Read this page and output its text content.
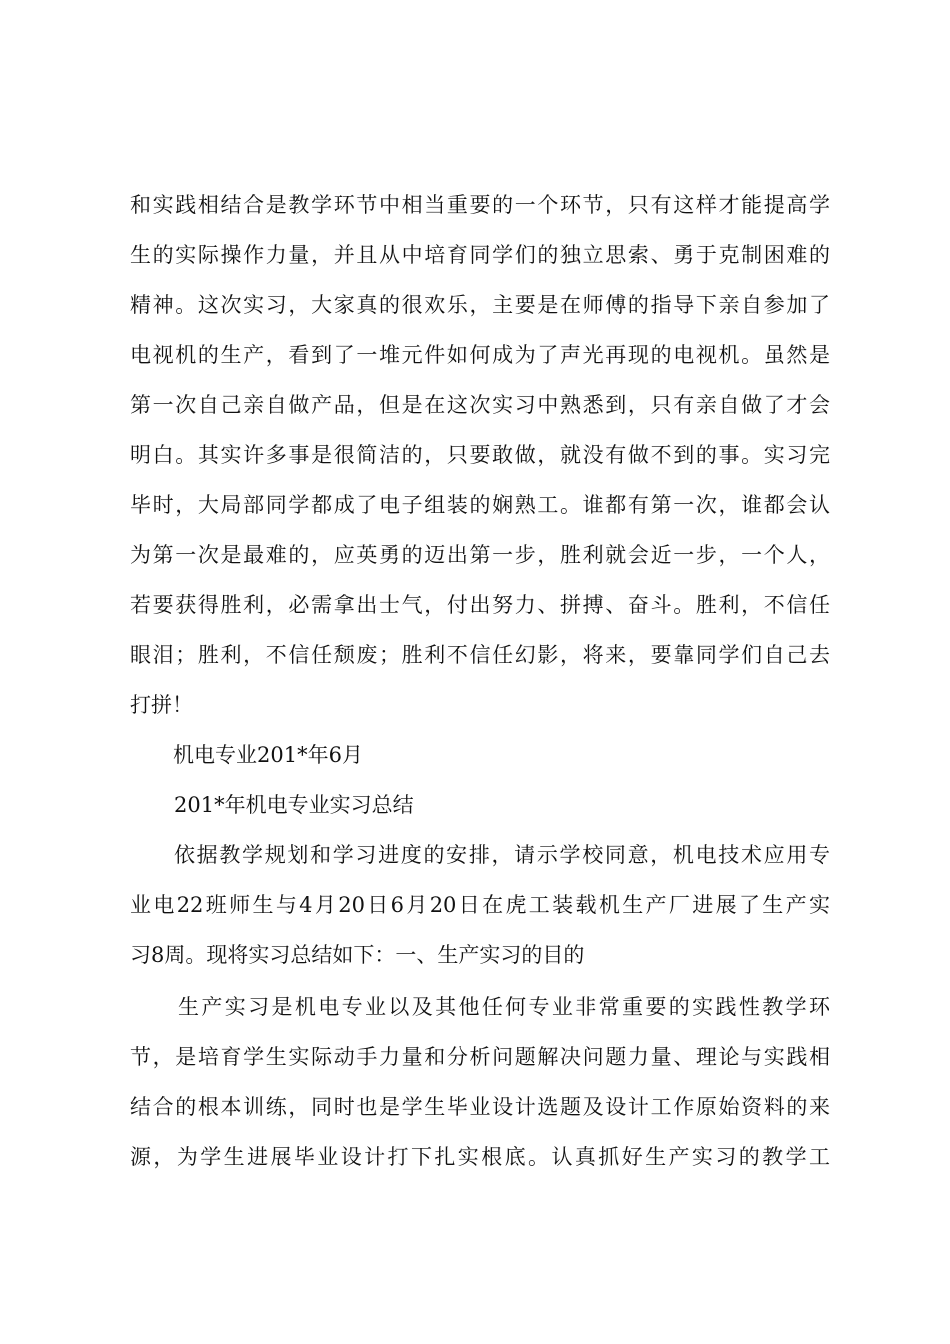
和实践相结合是教学环节中相当重要的一个环节，只有这样才能提高学
生的实际操作力量，并且从中培育同学们的独立思索、勇于克制困难的
精神。这次实习，大家真的很欢乐，主要是在师傅的指导下亲自参加了
电视机的生产，看到了一堆元件如何成为了声光再现的电视机。虽然是
第一次自己亲自做产品，但是在这次实习中熟悉到，只有亲自做了才会
明白。其实许多事是很简洁的，只要敢做，就没有做不到的事。实习完
毕时，大局部同学都成了电子组装的娴熟工。谁都有第一次，谁都会认
为第一次是最难的，应英勇的迈出第一步，胜利就会近一步，一个人，
若要获得胜利，必需拿出士气，付出努力、拼搏、奋斗。胜利，不信任
眼泪；胜利，不信任颓废；胜利不信任幻影，将来，要靠同学们自己去
打拼！
机电专业201*年6月
201*年机电专业实习总结
依据教学规划和学习进度的安排，请示学校同意，机电技术应用专
业电22班师生与4月20日6月20日在虎工装载机生产厂进展了生产实
习8周。现将实习总结如下：一、生产实习的目的
生产实习是机电专业以及其他任何专业非常重要的实践性教学环
节，是培育学生实际动手力量和分析问题解决问题力量、理论与实践相
结合的根本训练，同时也是学生毕业设计选题及设计工作原始资料的来
源，为学生进展毕业设计打下扎实根底。认真抓好生产实习的教学工
